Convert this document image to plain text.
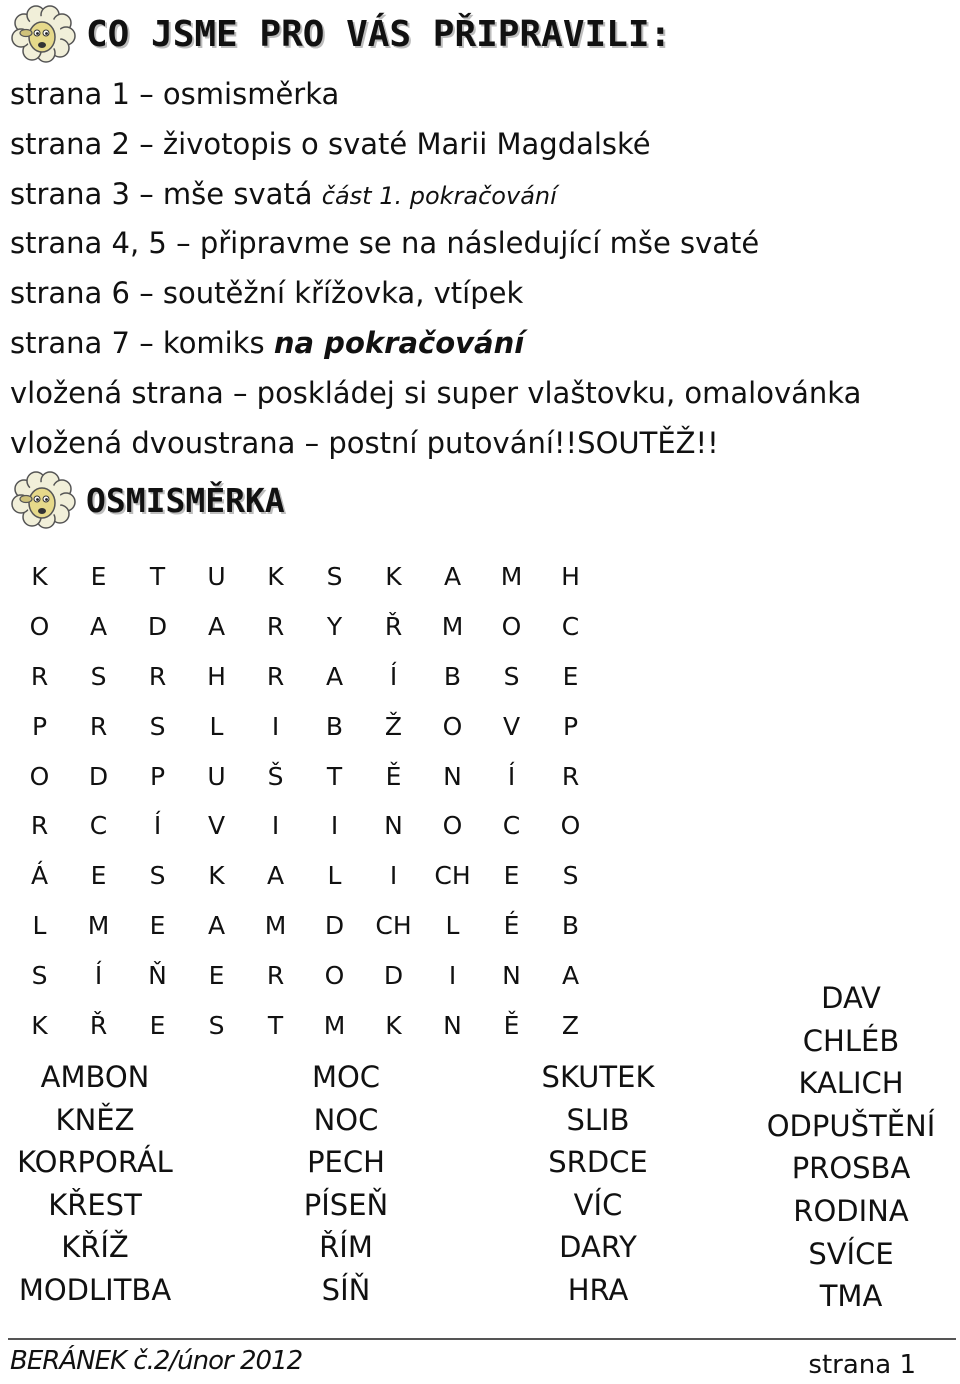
CO JSME PRO VÁS PŘIPRAVILI:
strana 1 – osmisměrka
strana 2 – životopis o svaté Marii Magdalské
strana 3 – mše svatá část 1. pokračování
strana 4, 5 – připravme se na následující mše svaté
strana 6 – soutěžní křížovka, vtípek
strana 7 – komiks na pokračování
vložená strana – poskládej si super vlaštovku, omalovánka
vložená dvoustrana – postní putování!!SOUTĚŽ!!
OSMISMĚRKA
K	E	T	U	K	S	K	A	M	H
O	A	D	A	R	Y	Ř	M	O	C
R	S	R	H	R	A	Í	B	S	E
P	R	S	L	I	B	Ž	O	V	P
O	D	P	U	Š	T	Ě	N	Í	R
R	C	Í	V	I	I	N	O	C	O
Á	E	S	K	A	L	I	CH	E	S
L	M	E	A	M	D	CH	L	É	B
S	Í	Ň	E	R	O	D	I	N	A
K	Ř	E	S	T	M	K	N	Ě	Z
AMBON
KNĚZ
KORPORÁL
KŘEST
KŘÍŽ
MODLITBA
MOC
NOC
PECH
PÍSEŇ
ŘÍM
SÍŇ
SKUTEK
SLIB
SRDCE
VÍC
DARY
HRA
DAV
CHLÉB
KALICH
ODPUŠTĚNÍ
PROSBA
RODINA
SVÍCE
TMA
BERÁNEK č.2/únor 2012	strana 1
